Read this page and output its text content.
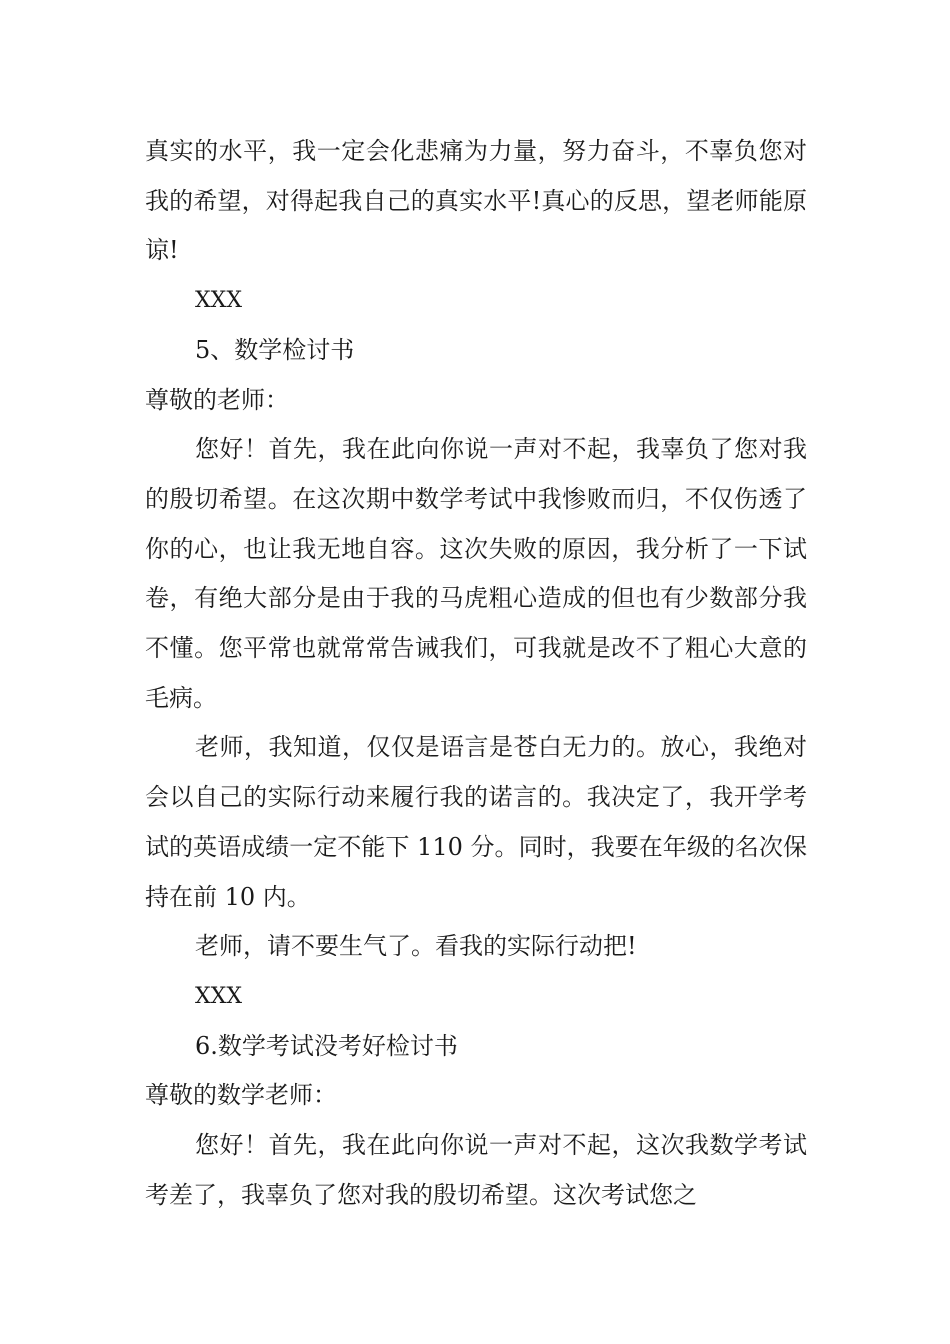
真实的水平，我一定会化悲痛为力量，努力奋斗，不辜负您对我的希望，对得起我自己的真实水平!真心的反思，望老师能原谅!

XXX

5、数学检讨书

尊敬的老师：

您好！首先，我在此向你说一声对不起，我辜负了您对我的殷切希望。在这次期中数学考试中我惨败而归，不仅伤透了你的心，也让我无地自容。这次失败的原因，我分析了一下试卷，有绝大部分是由于我的马虎粗心造成的但也有少数部分我不懂。您平常也就常常告诫我们，可我就是改不了粗心大意的毛病。

老师，我知道，仅仅是语言是苍白无力的。放心，我绝对会以自己的实际行动来履行我的诺言的。我决定了，我开学考试的英语成绩一定不能下 110 分。同时，我要在年级的名次保持在前 10 内。

老师，请不要生气了。看我的实际行动把!

XXX

6.数学考试没考好检讨书

尊敬的数学老师：

您好！首先，我在此向你说一声对不起，这次我数学考试考差了，我辜负了您对我的殷切希望。这次考试您之
